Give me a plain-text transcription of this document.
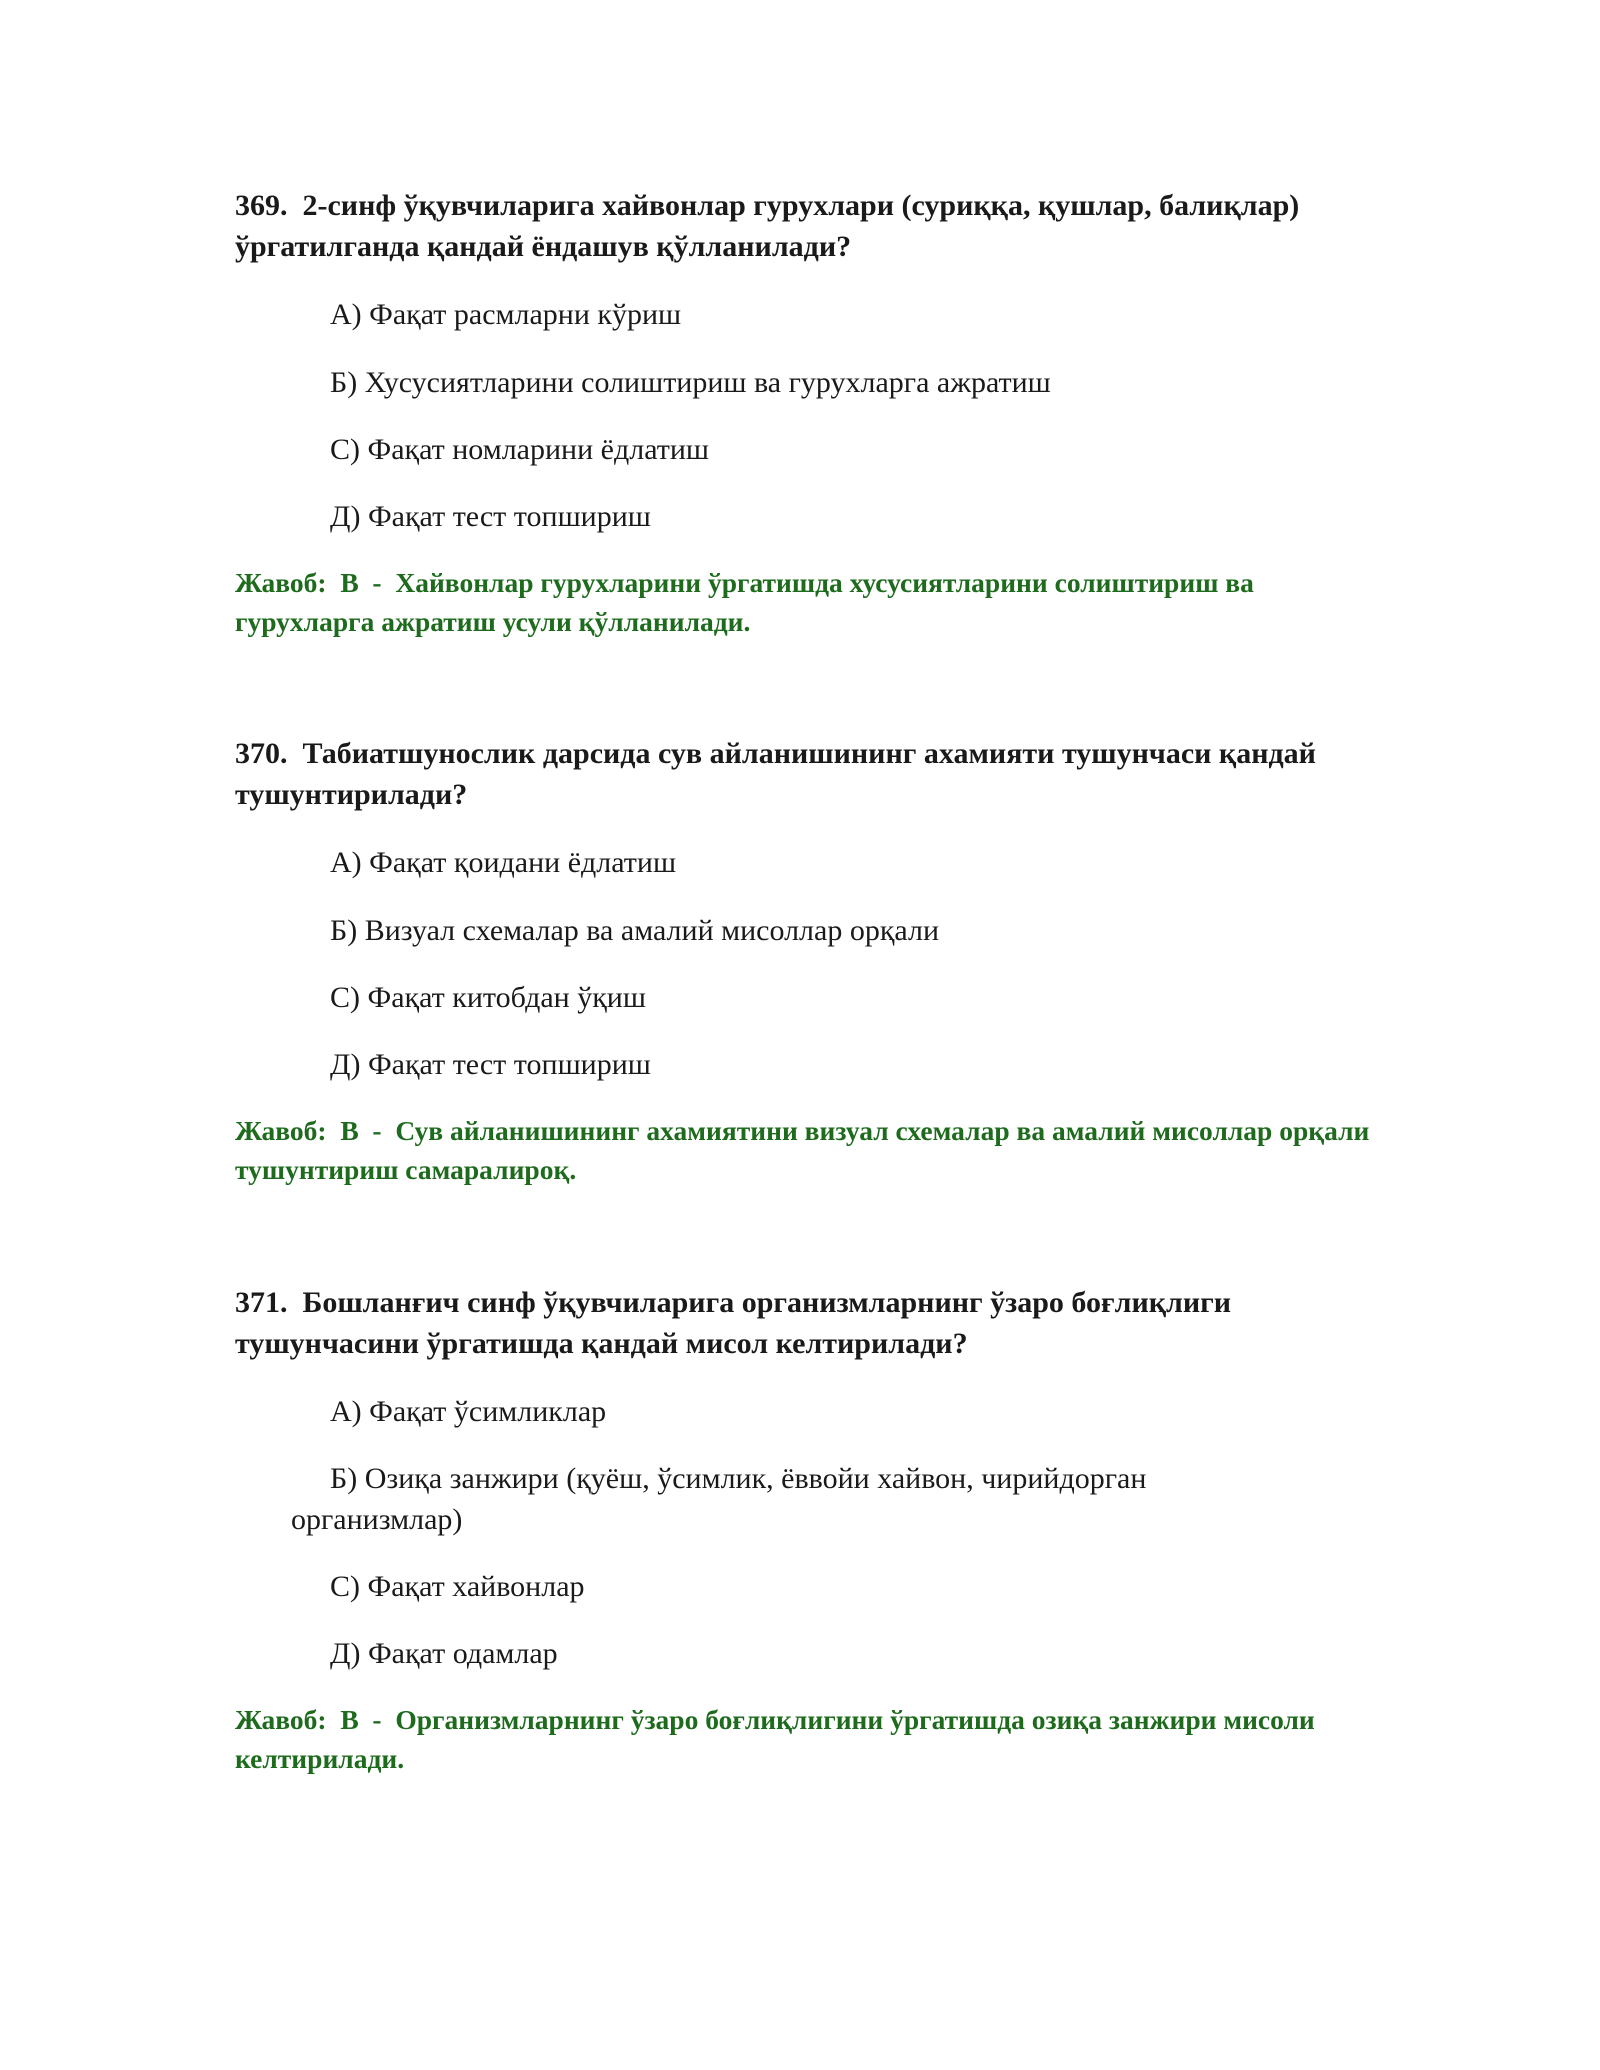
369. 2-синф ўқувчиларига хайвонлар гурухлари (суриққа, қушлар, балиқлар) ўргатилганда қандай ёндашув қўлланилади?

А) Фақат расмларни кўриш

Б) Хусусиятларини солиштириш ва гурухларга ажратиш

С) Фақат номларини ёдлатиш

Д) Фақат тест топшириш

Жавоб: В  -  Хайвонлар гурухларини ўргатишда хусусиятларини солиштириш ва гурухларга ажратиш усули қўлланилади.

370. Табиатшунослик дарсида сув айланишининг ахамияти тушунчаси қандай тушунтирилади?

А) Фақат қоидани ёдлатиш

Б) Визуал схемалар ва амалий мисоллар орқали

С) Фақат китобдан ўқиш

Д) Фақат тест топшириш

Жавоб: В  -  Сув айланишининг ахамиятини визуал схемалар ва амалий мисоллар орқали тушунтириш самаралироқ.

371. Бошланғич синф ўқувчиларига организмларнинг ўзаро боғлиқлиги тушунчасини ўргатишда қандай мисол келтирилади?

А) Фақат ўсимликлар

Б) Озиқа занжири (қуёш, ўсимлик, ёввойи хайвон, чирийдорган организмлар)

С) Фақат хайвонлар

Д) Фақат одамлар

Жавоб: В  -  Организмларнинг ўзаро боғлиқлигини ўргатишда озиқа занжири мисоли келтирилади.
